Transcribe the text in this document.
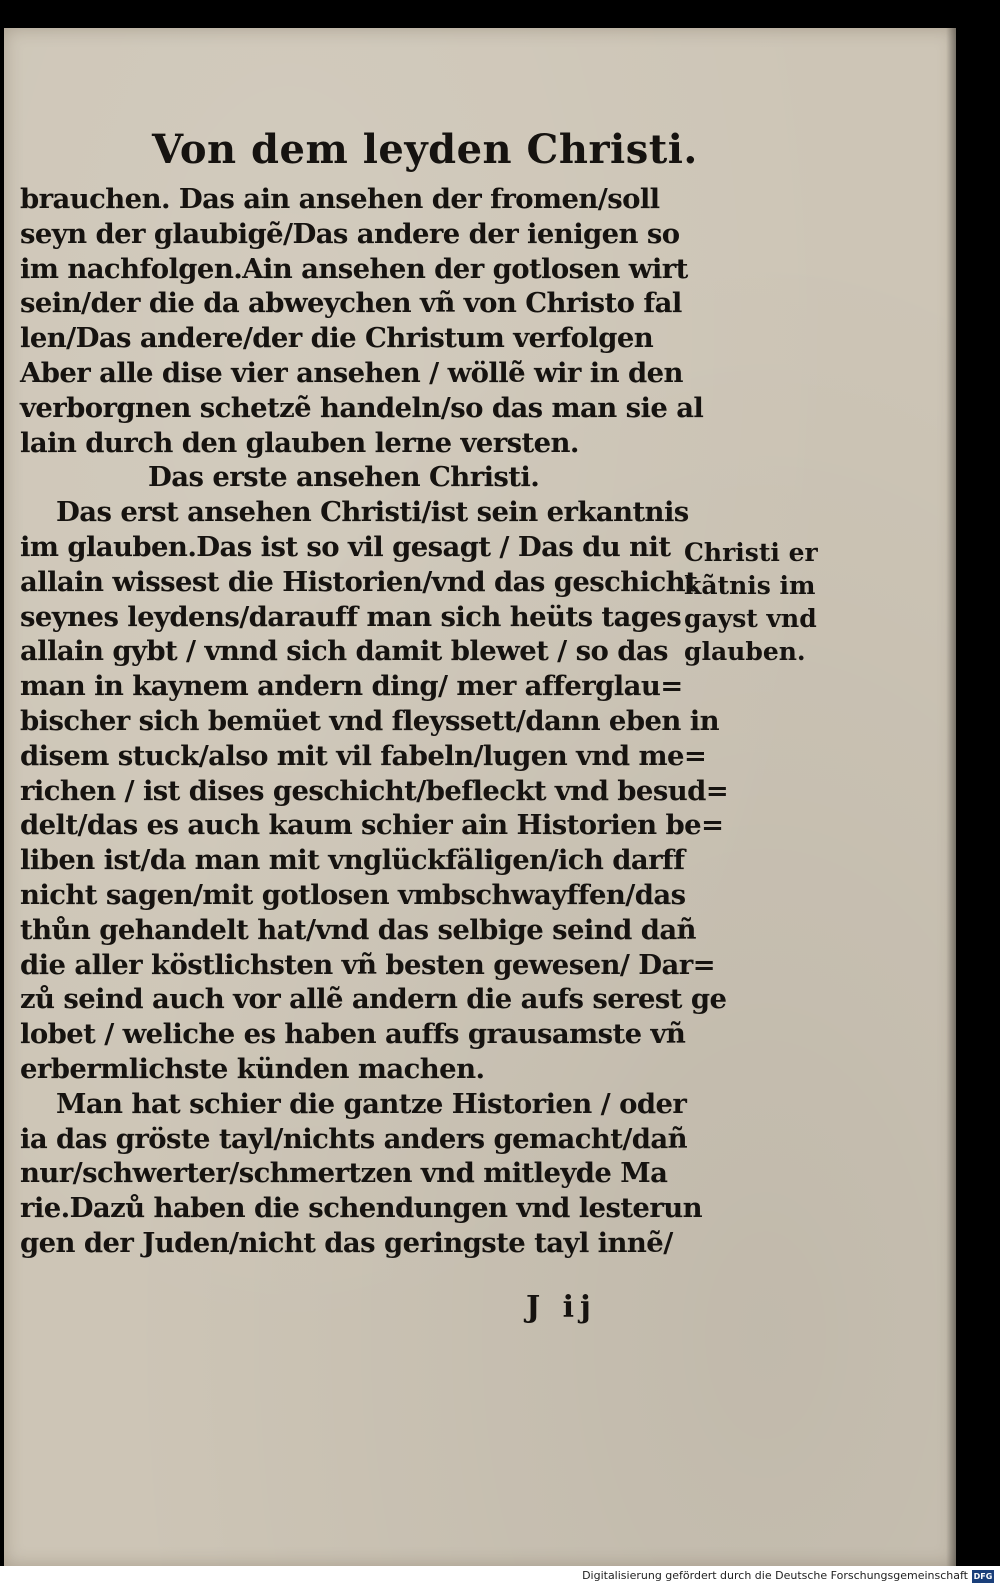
Von dem leyden Christi.
brauchen. Das ain ansehen der fromen/soll
seyn der glaubigẽ/Das andere der ienigen so
im nachfolgen.Ain ansehen der gotlosen wirt
sein/der die da abweychen vñ von Christo fal
len/Das andere/der die Christum verfolgen
Aber alle dise vier ansehen / wöllẽ wir in den
verborgnen schetzẽ handeln/so das man sie al
lain durch den glauben lerne versten.
Das erste ansehen Christi.
Das erst ansehen Christi/ist sein erkantnis
im glauben.Das ist so vil gesagt / Das du nit
allain wissest die Historien/vnd das geschicht
seynes leydens/darauff man sich heüts tages
allain gybt / vnnd sich damit blewet / so das
man in kaynem andern ding/ mer afferglau=
bischer sich bemüet vnd fleyssett/dann eben in
disem stuck/also mit vil fabeln/lugen vnd me=
richen / ist dises geschicht/befleckt vnd besud=
delt/das es auch kaum schier ain Historien be=
liben ist/da man mit vnglückfäligen/ich darff
nicht sagen/mit gotlosen vmbschwayffen/das
thůn gehandelt hat/vnd das selbige seind dañ
die aller köstlichsten vñ besten gewesen/ Dar=
zů seind auch vor allẽ andern die aufs serest ge
lobet / weliche es haben auffs grausamste vñ
erbermlichste künden machen.
Man hat schier die gantze Historien / oder
ia das gröste tayl/nichts anders gemacht/dañ
nur/schwerter/schmertzen vnd mitleyde Ma
rie.Dazů haben die schendungen vnd lesterun
gen der Juden/nicht das geringste tayl innẽ/
Christi er
kãtnis im
gayst vnd
glauben.
J ij
Digitalisierung gefördert durch die Deutsche Forschungsgemeinschaft DFG
